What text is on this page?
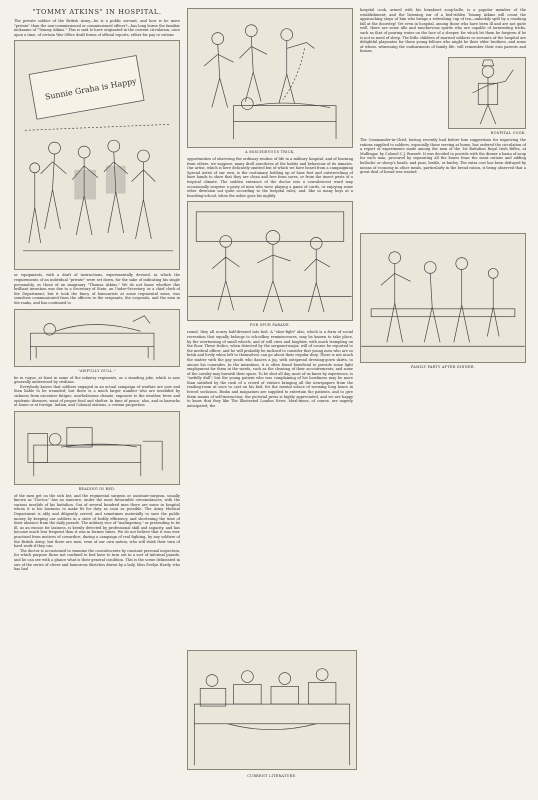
"TOMMY ATKINS" IN HOSPITAL.

The private soldier of the British Army—he is a public servant, and how is he more "private" than the non-commissioned or commissioned officer?—has long borne the familiar nickname of "Tommy Atkins." This is said to have originated in the current circulation, once upon a time, of certain War Office draft forms of official reports, either for pay or rations

Sunnie Graha is Happy

or equipments, with a draft of instructions, experimentally devised, in which the requirements of an individual "private" were set down, for the sake of indicating his single personality, as those of an imaginary "Thomas Atkins." We do not know whether this brilliant invention was due to a Secretary of State, an Under-Secretary, or a chief clerk of the Department; but it took the fancy of humourists at some regimental mess, was somehow communicated from the officers to the sergeants, the corporals, and the men in the ranks, and has continued to

"AWFULLY DULL."

be in vogue, at least in some of the infantry regiments, as a standing joke, which is now generally understood by civilians.

Everybody knows that soldiers engaged in an actual campaign of warfare are now and then liable to be wounded; but there is a much larger number who are invalided by sickness from excessive fatigue, unwholesome climate, exposure to the weather, fever and epidemic diseases, want of proper food and shelter. In time of peace, also, and in barracks at home or at foreign, Indian, and Colonial stations, a certain proportion

READING IN BED.

of the men get on the sick list; and the regimental surgeon or assistant-surgeon, usually known as "Doctor," has no sinecure, under the most favourable circumstances, with the various invalids of his battalion. Out of several hundred men there are some in hospital whom it is his business to make fit for duty as soon as possible. The Army Medical Department is ably and diligently served, and sometimes materially to save the public money by keeping our soldiers in a state of bodily efficiency, and shortening the time of their absence from the daily parade. The military vice of "malingering," or pretending to be ill, as an excuse for laziness, is keenly detected by professional skill and sagacity, and has become much less frequent than it was in former times. We do not believe that it was ever practised from motives of cowardice, during a campaign of real fighting, by any soldiers of the British Army; but there are men, even of our own nation, who will shirk their turn of hard work if they can.

The doctor is accustomed to examine the convalescents by constant personal inspection, for which purpose those not confined to bed have to turn out in a sort of informal parade, and he can see with a glance what is their general condition. This is the scene delineated in one of the series of clever and humorous Sketches drawn by a lady, Miss Evelyn Hardy, who has had

A MISCHIEVOUS TRICK.

opportunities of observing the ordinary routine of life in a military hospital, and of learning from others, we suppose, many droll anecdotes of the habits and behaviour of its inmates. Our artist, which is here delicately omitted but of which we have heard from a campaigning Special Artist of our own, is the customary holding up of base feet and outstretching of bare hands to show that they are clean and free from sores, or from the insect pests of a tropical climate. The sudden entrance of the doctor into a convalescent ward may occasionally surprise a party of men who were playing a game of cards, or enjoying some other diversion not quite according to the hospital rules; and, like so many boys at a boarding-school, when the usher goes his nightly

FOR SPUR PARADE.

round, they all scurry half-dressed into bed. A "shoe-fight" also, which is a form of social recreation that equally belongs to schoolboy reminiscences, may be known to take place, by the overturning of small wheels, and of will cries and laughter, with much trampling on the floor. These frolics, when detected by the sergeant-major, will of course be reported to the medical officer, and he will probably be inclined to consider that young men who are so brisk and lively when left to themselves can go about their regular duty. There is not much the matter with the gay youth who dances a jig, with outspread dressing-gown skirts, to amuse his comrades. In the meantime, it is often found beneficial to provide some light employment for them in the wards, such as the cleaning of their accoutrements; and some of the cavalry may burnish their spurs. To be shut all day, most of us know by experience, is "awfully dull"; but the young patient who was complaining of his loneliness may be more than satisfied by the rush of a crowd of visitors bringing all the newspapers from the reading-room at once to cast on his bed, for the mental solace of seeming long hours in forced seclusion. Books and magazines are supplied to entertain the patients, and to give them means of self-instruction; the pictorial press is highly appreciated, and we are happy to know that they like The Illustrated London News. Meal-times, of course, are eagerly anticipated; the

hospital cook, armed with his hexafoort soup-ladle, is a popular member of the establishment; and the listening ear of a bed-ridden Tommy Atkins will count the approaching steps of him who brings a refreshing cup of tea—unluckily spilt by a crashing fall at the doorstep! Yet even in hospital, among those who have been ill and are not quite well, there are some idle and mischievous spirits who are capable of tormenting tricks, such as that of pouring water on the face of a sleeper, for which let them be forgiven if he is not in need of sleep. The little children of married soldiers or servants of the hospital are delightful playmates for these young fellows who might be their elder brothers, and some of whom, witnessing the endearments of family life, will remember their own parents and homes.

HOSPITAL COOK.

The Commander-in-Chief, having recently had before him suggestions for improving the rations supplied to soldiers, especially those serving at home, has ordered the circulation of a report of experiments made among the men of the 1st Battalion Royal Irish Rifles, at Mullingar, by Colonel C.J. Burnett. It was decided to provide with the dinner a basin of soup for each man, procured by separating all the bones from the meat rations and adding bullocks' or sheep's heads, and peas, lentils, or barley. The extra cost has been defrayed by means of economy in other meals, particularly in the bread ration, it being observed that a great deal of bread was wasted.

FAMILY PARTY AFTER DINNER.
CURRENT LITERATURE.
